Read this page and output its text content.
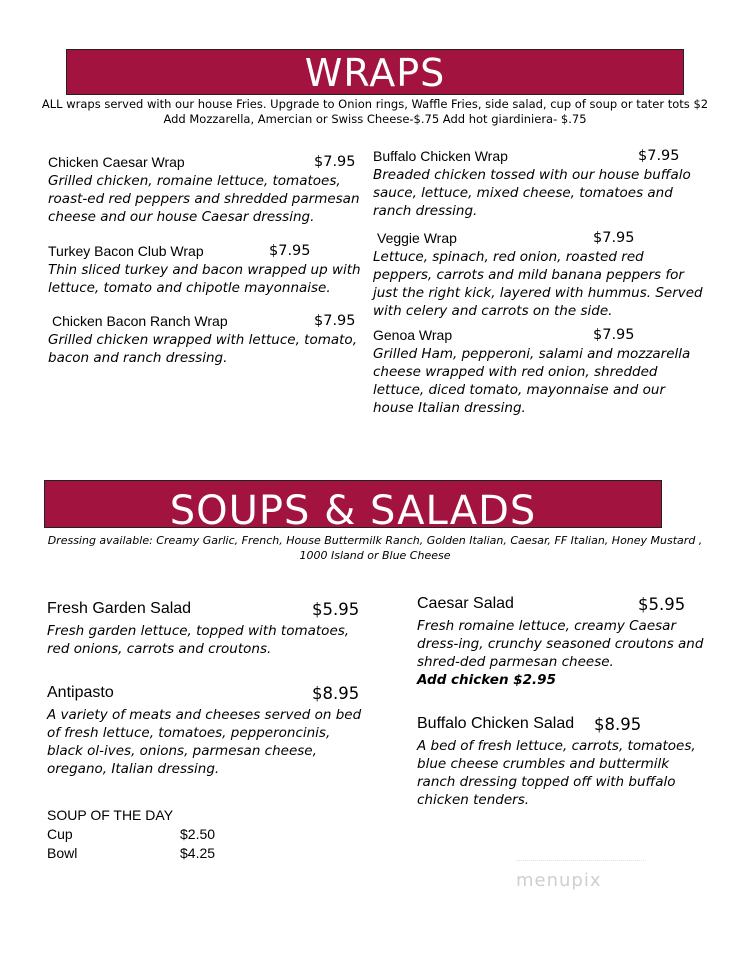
WRAPS
ALL wraps served with our house Fries. Upgrade to Onion rings, Waffle Fries, side salad, cup of soup or tater tots $2
Add Mozzarella, Amercian or Swiss Cheese-$.75 Add hot giardiniera- $.75
Chicken Caesar Wrap	$7.95
Grilled chicken, romaine lettuce, tomatoes, roast-ed red peppers and shredded parmesan cheese and our house Caesar dressing.
Turkey Bacon Club Wrap	$7.95
Thin sliced turkey and bacon wrapped up with lettuce, tomato and chipotle mayonnaise.
Chicken Bacon Ranch Wrap	$7.95
Grilled chicken wrapped with lettuce, tomato, bacon and ranch dressing.
Buffalo Chicken Wrap	$7.95
Breaded chicken tossed with our house buffalo sauce, lettuce, mixed cheese, tomatoes and ranch dressing.
Veggie Wrap	$7.95
Lettuce, spinach, red onion, roasted red peppers, carrots and mild banana peppers for just the right kick, layered with hummus. Served with celery and carrots on the side.
Genoa Wrap	$7.95
Grilled Ham, pepperoni, salami and mozzarella cheese wrapped with red onion, shredded lettuce, diced tomato, mayonnaise and our house Italian dressing.
SOUPS & SALADS
Dressing available: Creamy Garlic, French, House Buttermilk Ranch, Golden Italian, Caesar, FF Italian, Honey Mustard ,
1000 Island or Blue Cheese
Fresh Garden Salad	$5.95
Fresh garden lettuce, topped with tomatoes, red onions, carrots and croutons.
Antipasto	$8.95
A variety of meats and cheeses served on bed of fresh lettuce, tomatoes, pepperoncinis, black ol-ives, onions, parmesan cheese, oregano, Italian dressing.
Caesar Salad	$5.95
Fresh romaine lettuce, creamy Caesar dress-ing, crunchy seasoned croutons and shred-ded parmesan cheese.
Add chicken $2.95
Buffalo Chicken Salad $8.95
A bed of fresh lettuce, carrots, tomatoes, blue cheese crumbles and buttermilk ranch dressing topped off with buffalo chicken tenders.
SOUP OF THE DAY
Cup	$2.50
Bowl	$4.25
menupix
